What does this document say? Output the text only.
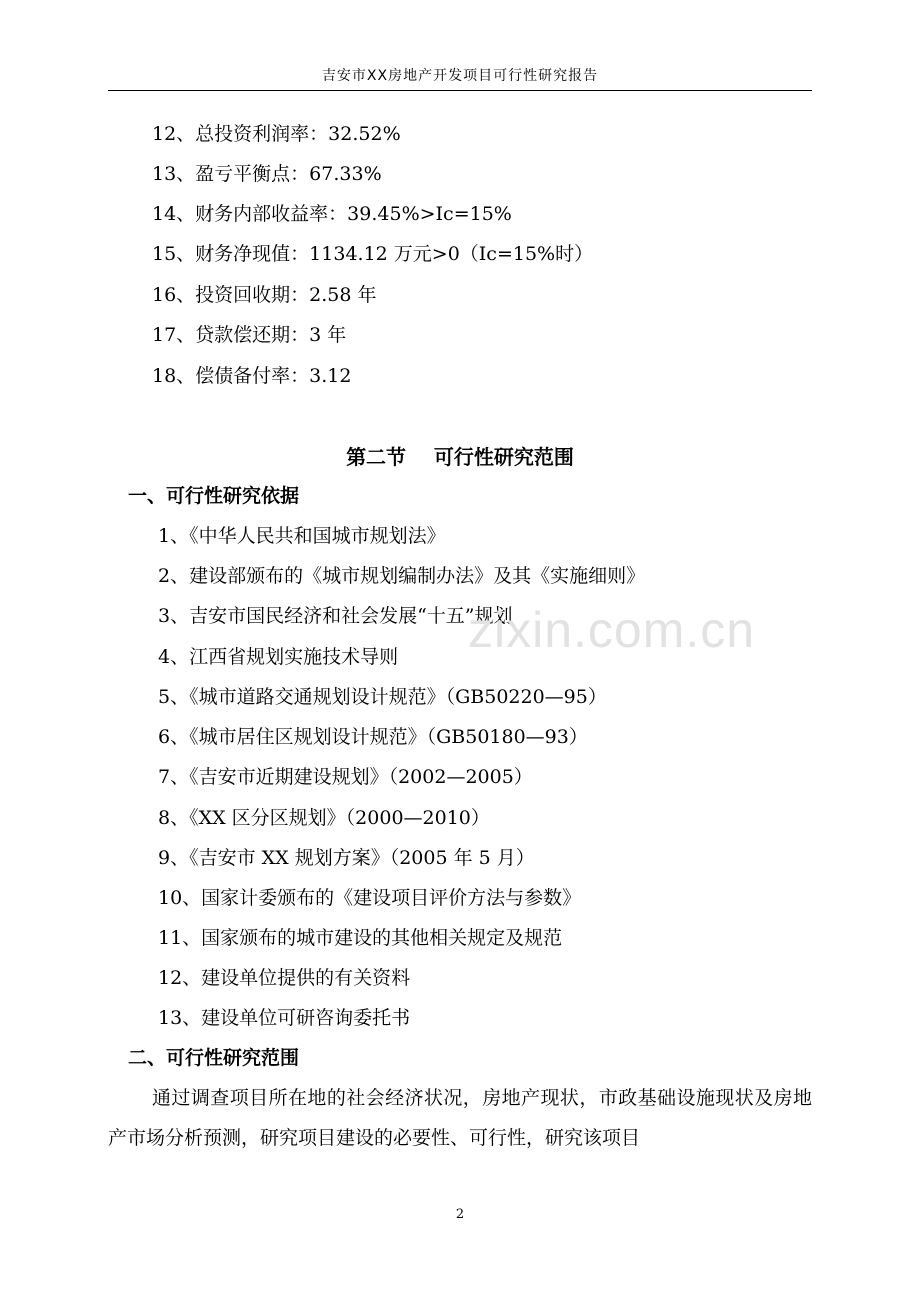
吉安市XX房地产开发项目可行性研究报告
12、总投资利润率：32.52%
13、盈亏平衡点：67.33%
14、财务内部收益率：39.45%>Ic=15%
15、财务净现值：1134.12 万元>0（Ic=15%时）
16、投资回收期：2.58 年
17、贷款偿还期：3 年
18、偿债备付率：3.12
第二节    可行性研究范围
一、可行性研究依据
1、《中华人民共和国城市规划法》
2、建设部颁布的《城市规划编制办法》及其《实施细则》
3、吉安市国民经济和社会发展“十五”规划
4、江西省规划实施技术导则
5、《城市道路交通规划设计规范》（GB50220—95）
6、《城市居住区规划设计规范》（GB50180—93）
7、《吉安市近期建设规划》（2002—2005）
8、《XX 区分区规划》（2000—2010）
9、《吉安市 XX 规划方案》（2005 年 5 月）
10、国家计委颁布的《建设项目评价方法与参数》
11、国家颁布的城市建设的其他相关规定及规范
12、建设单位提供的有关资料
13、建设单位可研咨询委托书
二、可行性研究范围
通过调查项目所在地的社会经济状况，房地产现状，市政基础设施现状及房地产市场分析预测，研究项目建设的必要性、可行性，研究该项目
zixin.com.cn
2
